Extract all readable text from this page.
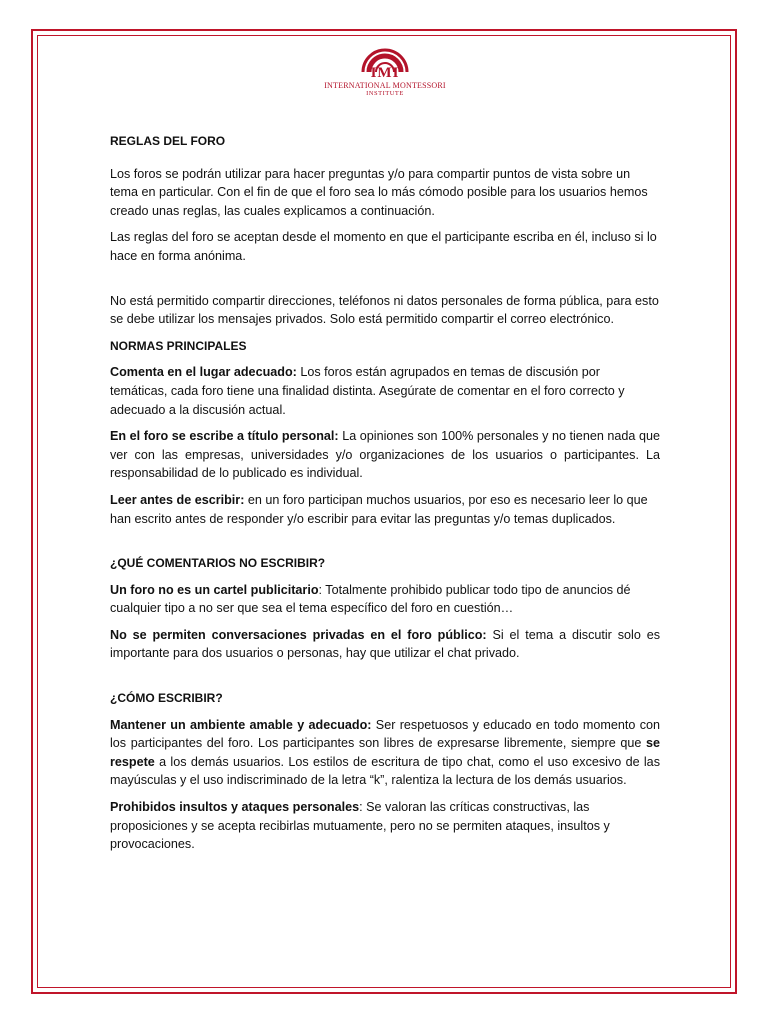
IMI
INTERNATIONAL MONTESSORI
INSTITUTE

REGLAS DEL FORO

Los foros se podrán utilizar para hacer preguntas y/o para compartir puntos de vista sobre un tema en particular. Con el fin de que el foro sea lo más cómodo posible para los usuarios hemos creado unas reglas, las cuales explicamos a continuación.

Las reglas del foro se aceptan desde el momento en que el participante escriba en él, incluso si lo hace en forma anónima.

No está permitido compartir direcciones, teléfonos ni datos personales de forma pública, para esto se debe utilizar los mensajes privados. Solo está permitido compartir el correo electrónico.

NORMAS PRINCIPALES

Comenta en el lugar adecuado: Los foros están agrupados en temas de discusión por temáticas, cada foro tiene una finalidad distinta. Asegúrate de comentar en el foro correcto y adecuado a la discusión actual.

En el foro se escribe a título personal: La opiniones son 100% personales y no tienen nada que ver con las empresas, universidades y/o organizaciones de los usuarios o participantes. La responsabilidad de lo publicado es individual.

Leer antes de escribir: en un foro participan muchos usuarios, por eso es necesario leer lo que han escrito antes de responder y/o escribir para evitar las preguntas y/o temas duplicados.

¿QUÉ COMENTARIOS NO ESCRIBIR?

Un foro no es un cartel publicitario: Totalmente prohibido publicar todo tipo de anuncios dé cualquier tipo a no ser que sea el tema específico del foro en cuestión…

No se permiten conversaciones privadas en el foro público: Si el tema a discutir solo es importante para dos usuarios o personas, hay que utilizar el chat privado.

¿CÓMO ESCRIBIR?

Mantener un ambiente amable y adecuado: Ser respetuosos y educado en todo momento con los participantes del foro. Los participantes son libres de expresarse libremente, siempre que se respete a los demás usuarios. Los estilos de escritura de tipo chat, como el uso excesivo de las mayúsculas y el uso indiscriminado de la letra “k”, ralentiza la lectura de los demás usuarios.

Prohibidos insultos y ataques personales: Se valoran las críticas constructivas, las proposiciones y se acepta recibirlas mutuamente, pero no se permiten ataques, insultos y provocaciones.
